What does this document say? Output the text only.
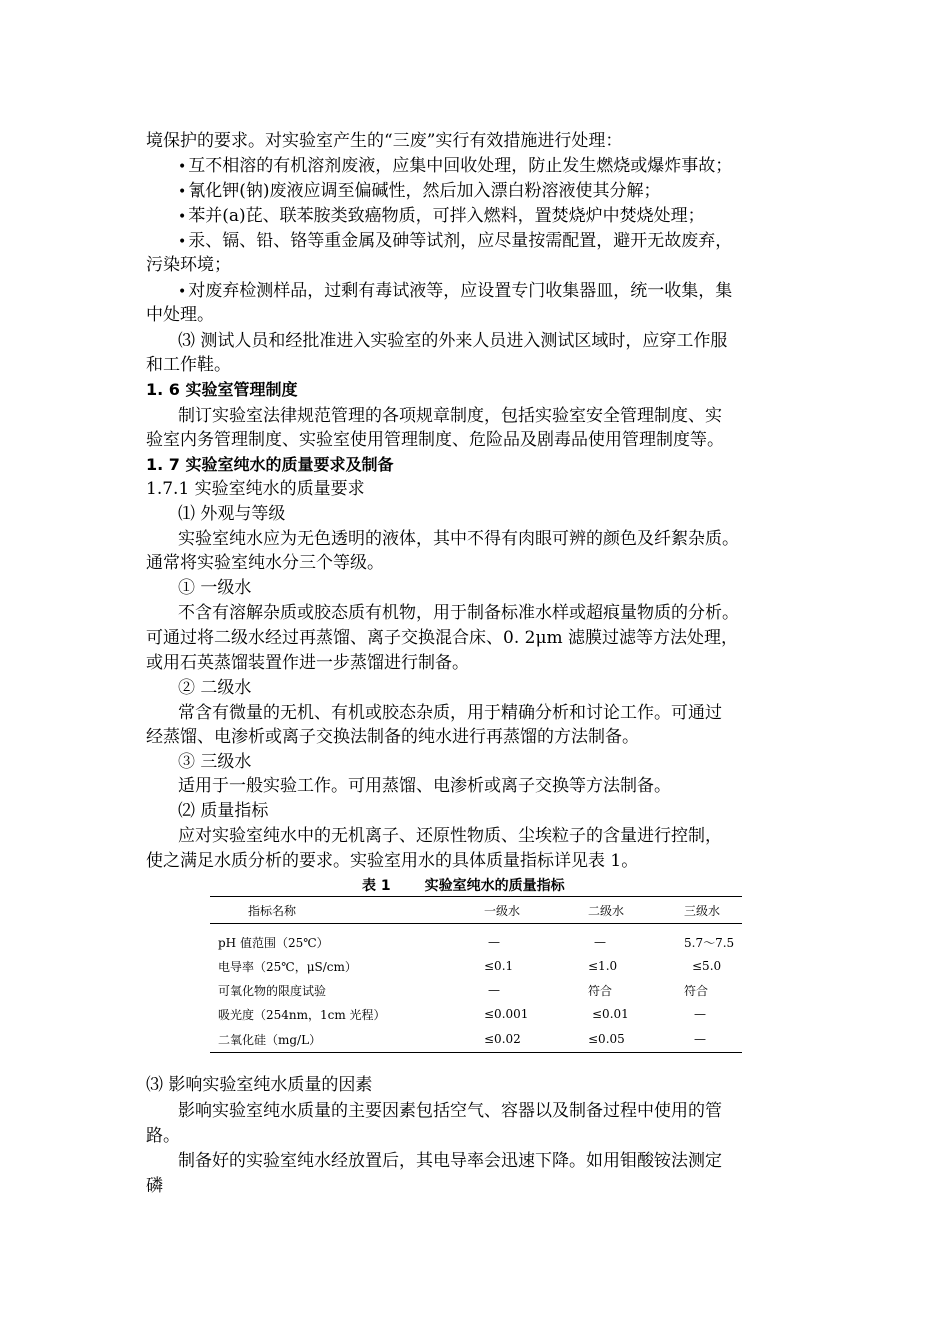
境保护的要求。对实验室产生的“三废”实行有效措施进行处理：
• 互不相溶的有机溶剂废液，应集中回收处理，防止发生燃烧或爆炸事故；
• 氰化钾(钠)废液应调至偏碱性，然后加入漂白粉溶液使其分解；
• 苯并(a)芘、联苯胺类致癌物质，可拌入燃料，置焚烧炉中焚烧处理；
• 汞、镉、铅、铬等重金属及砷等试剂，应尽量按需配置，避开无故废弃，
污染环境；
• 对废弃检测样品，过剩有毒试液等，应设置专门收集器皿，统一收集，集
中处理。
⑶ 测试人员和经批准进入实验室的外来人员进入测试区域时，应穿工作服
和工作鞋。
1. 6 实验室管理制度
制订实验室法律规范管理的各项规章制度，包括实验室安全管理制度、实
验室内务管理制度、实验室使用管理制度、危险品及剧毒品使用管理制度等。
1. 7 实验室纯水的质量要求及制备
1.7.1 实验室纯水的质量要求
⑴ 外观与等级
实验室纯水应为无色透明的液体，其中不得有肉眼可辨的颜色及纤絮杂质。
通常将实验室纯水分三个等级。
① 一级水
不含有溶解杂质或胶态质有机物，用于制备标准水样或超痕量物质的分析。
可通过将二级水经过再蒸馏、离子交换混合床、0. 2μm 滤膜过滤等方法处理，
或用石英蒸馏装置作进一步蒸馏进行制备。
② 二级水
常含有微量的无机、有机或胶态杂质，用于精确分析和讨论工作。可通过
经蒸馏、电渗析或离子交换法制备的纯水进行再蒸馏的方法制备。
③ 三级水
适用于一般实验工作。可用蒸馏、电渗析或离子交换等方法制备。
⑵ 质量指标
应对实验室纯水中的无机离子、还原性物质、尘埃粒子的含量进行控制，
使之满足水质分析的要求。实验室用水的具体质量指标详见表 1。
表 1 实验室纯水的质量指标
指标名称	一级水	二级水	三级水
pH 值范围（25℃）	—	—	5.7～7.5
电导率（25℃，μS/cm）	≤0.1	≤1.0	≤5.0
可氧化物的限度试验	—	符合	符合
吸光度（254nm，1cm 光程）	≤0.001	≤0.01	—
二氧化硅（mg/L）	≤0.02	≤0.05	—
⑶ 影响实验室纯水质量的因素
影响实验室纯水质量的主要因素包括空气、容器以及制备过程中使用的管
路。
制备好的实验室纯水经放置后，其电导率会迅速下降。如用钼酸铵法测定
磷
